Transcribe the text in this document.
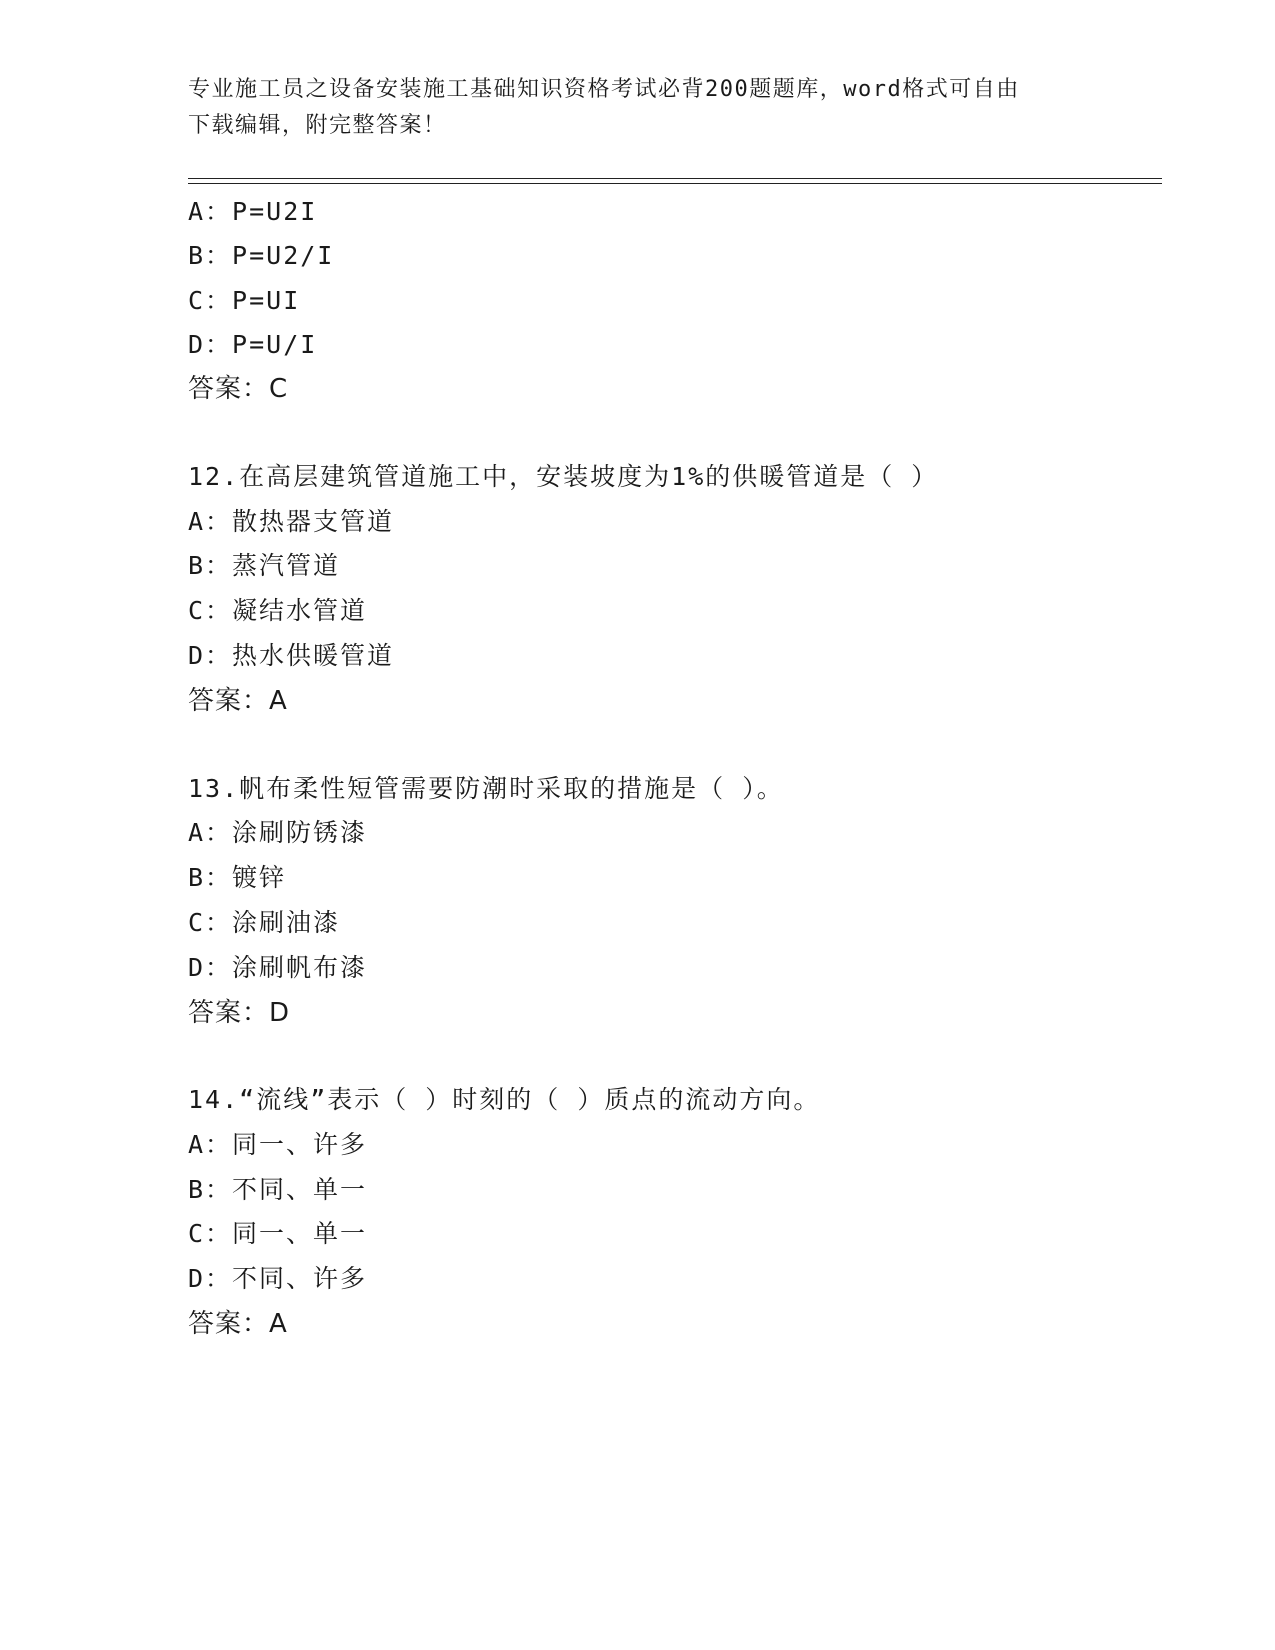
专业施工员之设备安装施工基础知识资格考试必背200题题库，word格式可自由
下载编辑，附完整答案！
A：P=U2I
B：P=U2/I
C：P=UI
D：P=U/I
答案：C
12.在高层建筑管道施工中，安装坡度为1%的供暖管道是（ ）
A：散热器支管道
B：蒸汽管道
C：凝结水管道
D：热水供暖管道
答案：A
13.帆布柔性短管需要防潮时采取的措施是（ ）。
A：涂刷防锈漆
B：镀锌
C：涂刷油漆
D：涂刷帆布漆
答案：D
14.“流线”表示（ ）时刻的（ ）质点的流动方向。
A：同一、许多
B：不同、单一
C：同一、单一
D：不同、许多
答案：A
